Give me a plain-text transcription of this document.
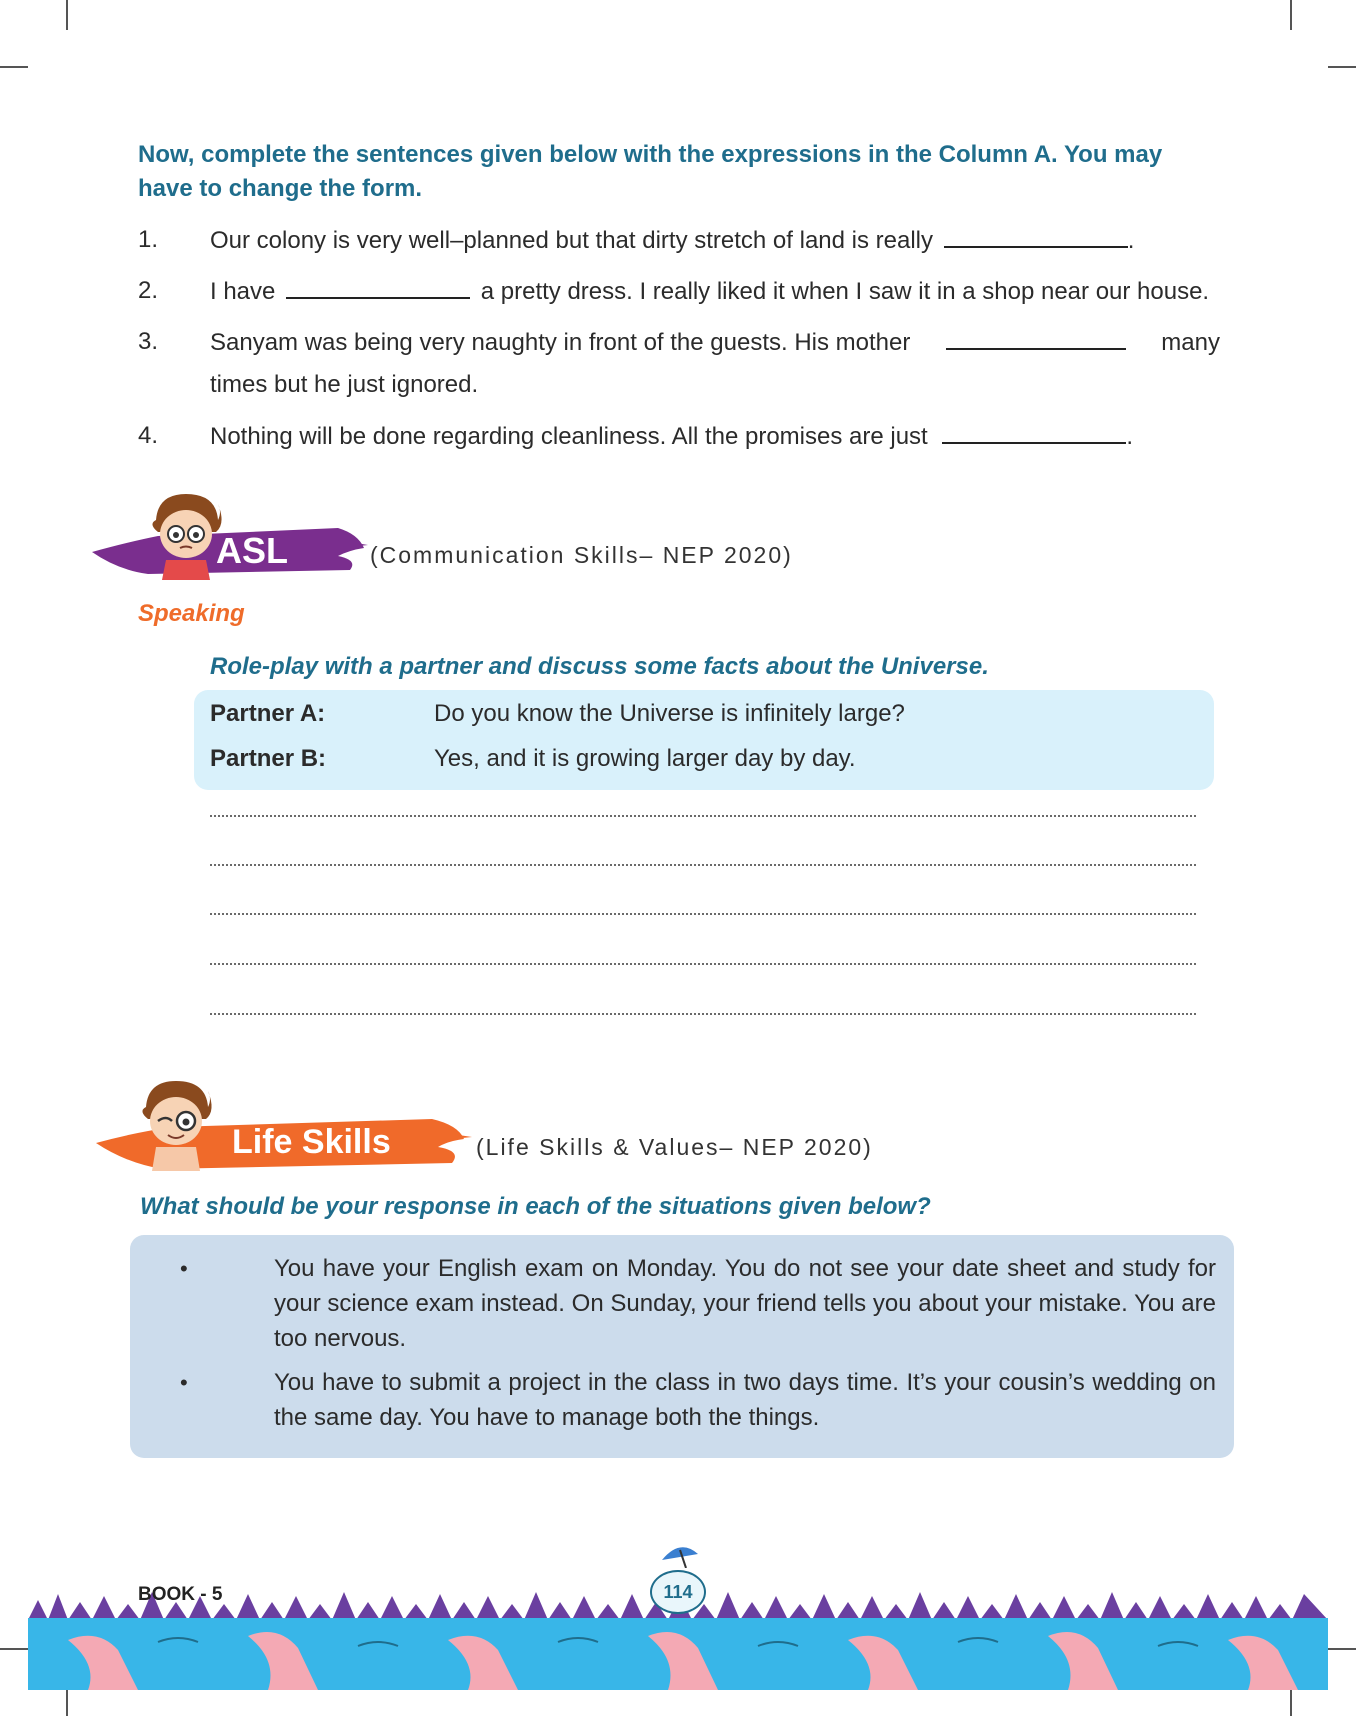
Now, complete the sentences given below with the expressions in the Column A. You may have to change the form.
1. Our colony is very well–planned but that dirty stretch of land is really	.
2. I have	a pretty dress. I really liked it when I saw it in a shop near our house.
3. Sanyam was being very naughty in front of the guests. His mother	many
times but he just ignored.
4. Nothing will be done regarding cleanliness. All the promises are just	.
ASL	(Communication Skills– NEP 2020)
Speaking
Role-play with a partner and discuss some facts about the Universe.
Partner A:	Do you know the Universe is infinitely large?
Partner B:	Yes, and it is growing larger day by day.
Life Skills	(Life Skills & Values– NEP 2020)
What should be your response in each of the situations given below?
•	You have your English exam on Monday. You do not see your date sheet and study for your science exam instead. On Sunday, your friend tells you about your mistake. You are too nervous.
•	You have to submit a project in the class in two days time. It’s your cousin’s wedding on the same day. You have to manage both the things.
BOOK - 5	114
